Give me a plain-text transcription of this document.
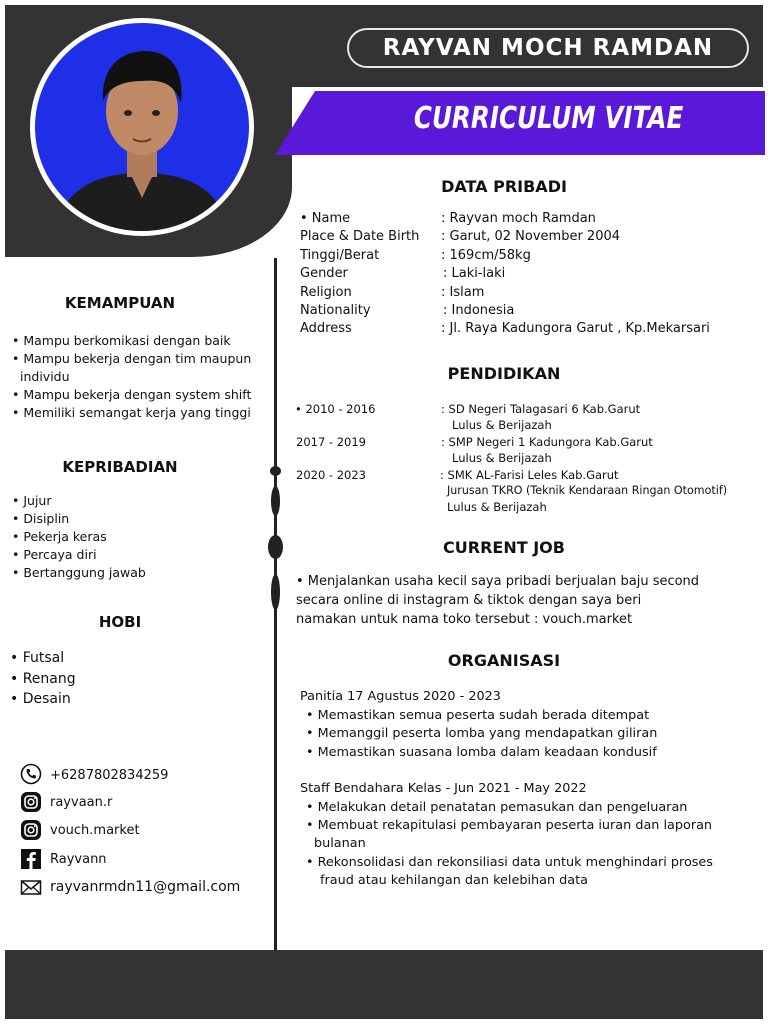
RAYVAN MOCH RAMDAN
CURRICULUM VITAE
KEMAMPUAN
• Mampu berkomikasi dengan baik
• Mampu bekerja dengan tim maupun
individu
• Mampu bekerja dengan system shift
• Memiliki semangat kerja yang tinggi
KEPRIBADIAN
• Jujur
• Disiplin
• Pekerja keras
• Percaya diri
• Bertanggung jawab
HOBI
• Futsal
• Renang
• Desain
+6287802834259
rayvaan.r
vouch.market
Rayvann
rayvanrmdn11@gmail.com
DATA PRIBADI
• Name	: Rayvan moch Ramdan
Place & Date Birth : Garut, 02 November 2004
Tinggi/Berat	: 169cm/58kg
Gender	: Laki-laki
Religion	: Islam
Nationality	: Indonesia
Address	: Jl. Raya Kadungora Garut , Kp.Mekarsari
PENDIDIKAN
• 2010 - 2016	: SD Negeri Talagasari 6 Kab.Garut
Lulus & Berijazah
2017 - 2019	: SMP Negeri 1 Kadungora Kab.Garut
Lulus & Berijazah
2020 - 2023	: SMK AL-Farisi Leles Kab.Garut
Jurusan TKRO (Teknik Kendaraan Ringan Otomotif)
Lulus & Berijazah
CURRENT JOB
• Menjalankan usaha kecil saya pribadi berjualan baju second
secara online di instagram & tiktok dengan saya beri
namakan untuk nama toko tersebut : vouch.market
ORGANISASI
Panitia 17 Agustus 2020 - 2023
• Memastikan semua peserta sudah berada ditempat
• Memanggil peserta lomba yang mendapatkan giliran
• Memastikan suasana lomba dalam keadaan kondusif
Staff Bendahara Kelas - Jun 2021 - May 2022
• Melakukan detail penatatan pemasukan dan pengeluaran
• Membuat rekapitulasi pembayaran peserta iuran dan laporan
bulanan
• Rekonsolidasi dan rekonsiliasi data untuk menghindari proses
fraud atau kehilangan dan kelebihan data
